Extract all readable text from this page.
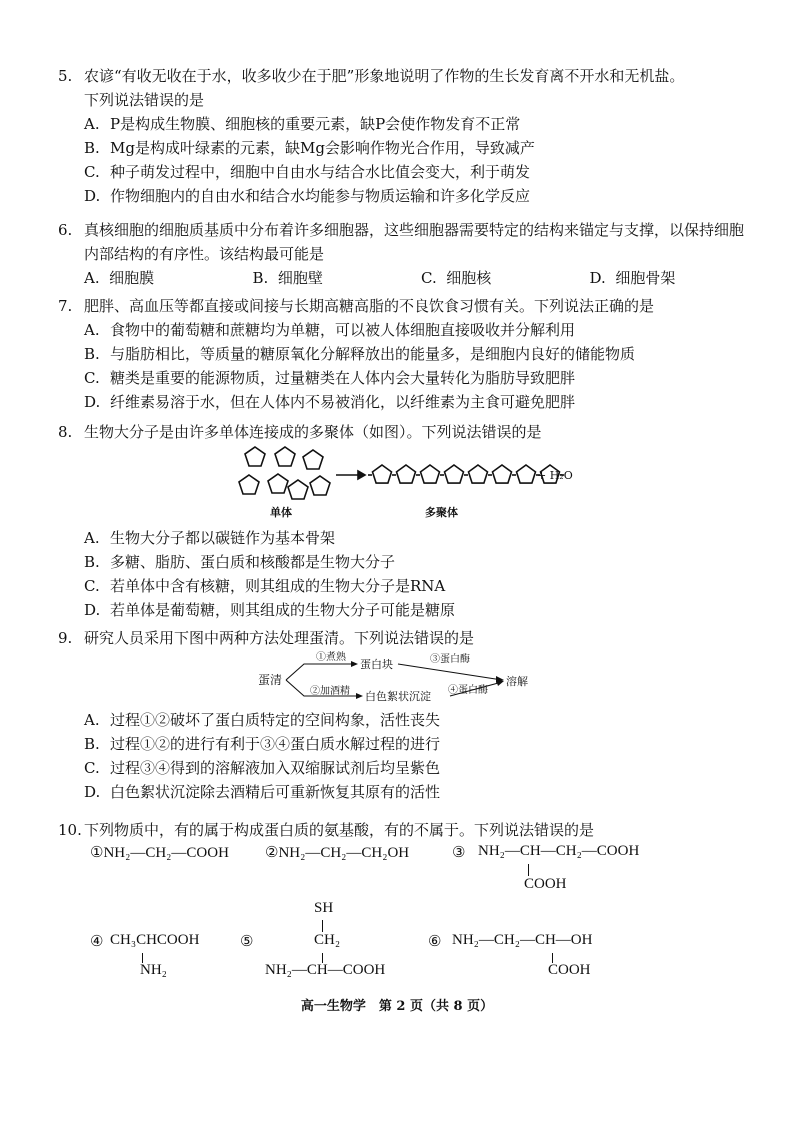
5. 农谚“有收无收在于水，收多收少在于肥”形象地说明了作物的生长发育离不开水和无机盐。
下列说法错误的是
A. P是构成生物膜、细胞核的重要元素，缺P会使作物发育不正常
B. Mg是构成叶绿素的元素，缺Mg会影响作物光合作用，导致减产
C. 种子萌发过程中，细胞中自由水与结合水比值会变大，利于萌发
D. 作物细胞内的自由水和结合水均能参与物质运输和许多化学反应
6. 真核细胞的细胞质基质中分布着许多细胞器，这些细胞器需要特定的结构来锚定与支撑，以保持细胞内部结构的有序性。该结构最可能是
A. 细胞膜	B. 细胞壁	C. 细胞核	D. 细胞骨架
7. 肥胖、高血压等都直接或间接与长期高糖高脂的不良饮食习惯有关。下列说法正确的是
A. 食物中的葡萄糖和蔗糖均为单糖，可以被人体细胞直接吸收并分解利用
B. 与脂肪相比，等质量的糖原氧化分解释放出的能量多，是细胞内良好的储能物质
C. 糖类是重要的能源物质，过量糖类在人体内会大量转化为脂肪导致肥胖
D. 纤维素易溶于水，但在人体内不易被消化，以纤维素为主食可避免肥胖
8. 生物大分子是由许多单体连接成的多聚体（如图）。下列说法错误的是
+ H₂O
单体	多聚体
A. 生物大分子都以碳链作为基本骨架
B. 多糖、脂肪、蛋白质和核酸都是生物大分子
C. 若单体中含有核糖，则其组成的生物大分子是RNA
D. 若单体是葡萄糖，则其组成的生物大分子可能是糖原
9. 研究人员采用下图中两种方法处理蛋清。下列说法错误的是
蛋清
①煮熟
蛋白块	③蛋白酶
②加酒精 白色絮状沉淀 ④蛋白酶
溶解
A. 过程①②破坏了蛋白质特定的空间构象，活性丧失
B. 过程①②的进行有利于③④蛋白质水解过程的进行
C. 过程③④得到的溶解液加入双缩脲试剂后均呈紫色
D. 白色絮状沉淀除去酒精后可重新恢复其原有的活性
10. 下列物质中，有的属于构成蛋白质的氨基酸，有的不属于。下列说法错误的是
①NH₂—CH₂—COOH ②NH₂—CH₂—CH₂OH	③ NH₂—CH—CH₂—COOH
COOH
④ CH₃CHCOOH
NH₂
⑤
SH
CH₂
NH₂—CH—COOH
⑥ NH₂—CH₂—CH—OH
COOH
高一生物学　第 2 页（共 8 页）
